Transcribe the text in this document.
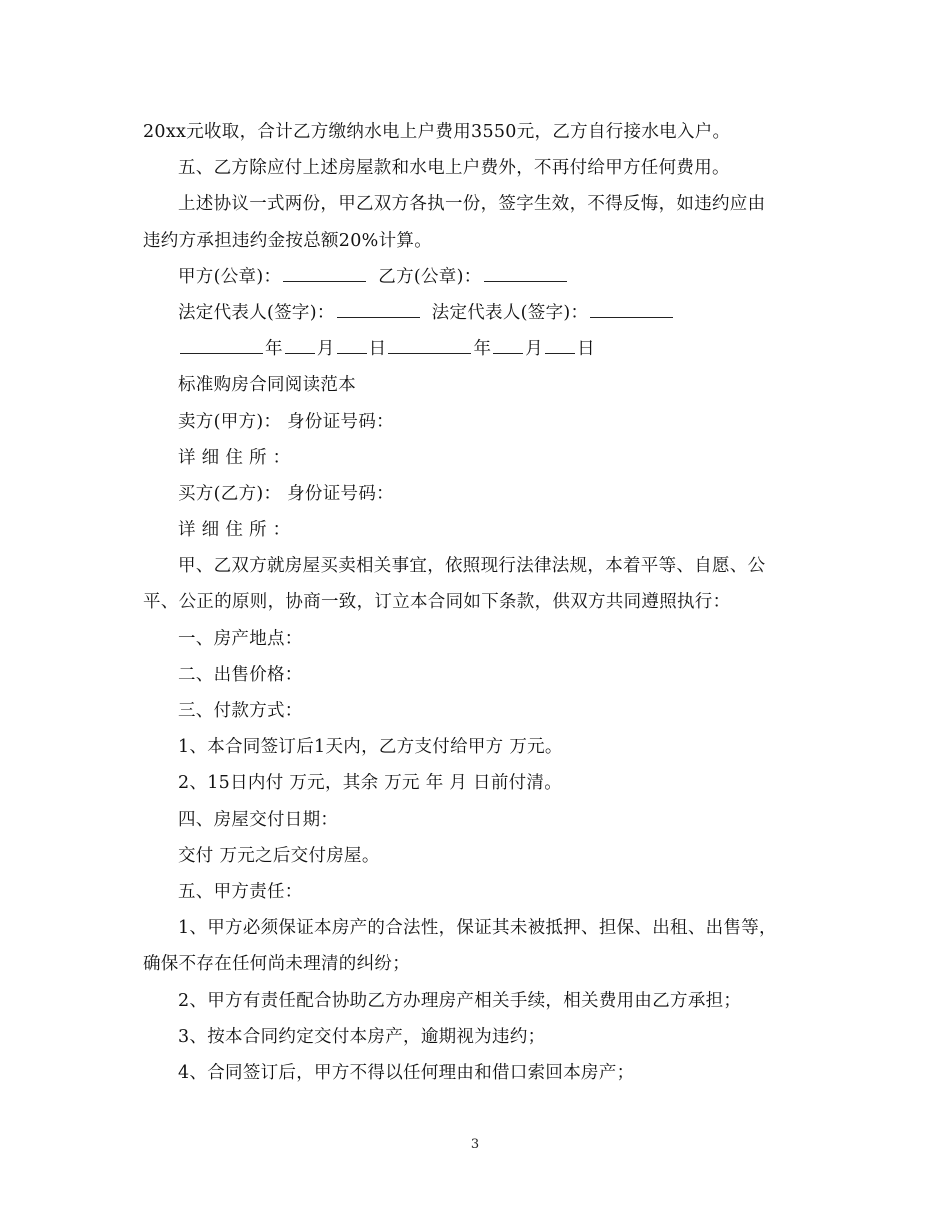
20xx元收取，合计乙方缴纳水电上户费用3550元，乙方自行接水电入户。
五、乙方除应付上述房屋款和水电上户费外，不再付给甲方任何费用。
上述协议一式两份，甲乙双方各执一份，签字生效，不得反悔，如违约应由
违约方承担违约金按总额20%计算。
甲方(公章)：	乙方(公章)：
法定代表人(签字)：	法定代表人(签字)：
年 月 日	年 月 日
标准购房合同阅读范本
卖方(甲方)： 身份证号码：
详 细 住 所 ：
买方(乙方)： 身份证号码：
详 细 住 所 ：
甲、乙双方就房屋买卖相关事宜，依照现行法律法规，本着平等、自愿、公
平、公正的原则，协商一致，订立本合同如下条款，供双方共同遵照执行：
一、房产地点：
二、出售价格：
三、付款方式：
1、本合同签订后1天内，乙方支付给甲方 万元。
2、15日内付 万元，其余 万元 年 月 日前付清。
四、房屋交付日期：
交付 万元之后交付房屋。
五、甲方责任：
1、甲方必须保证本房产的合法性，保证其未被抵押、担保、出租、出售等，
确保不存在任何尚未理清的纠纷；
2、甲方有责任配合协助乙方办理房产相关手续，相关费用由乙方承担；
3、按本合同约定交付本房产，逾期视为违约；
4、合同签订后，甲方不得以任何理由和借口索回本房产；
3
